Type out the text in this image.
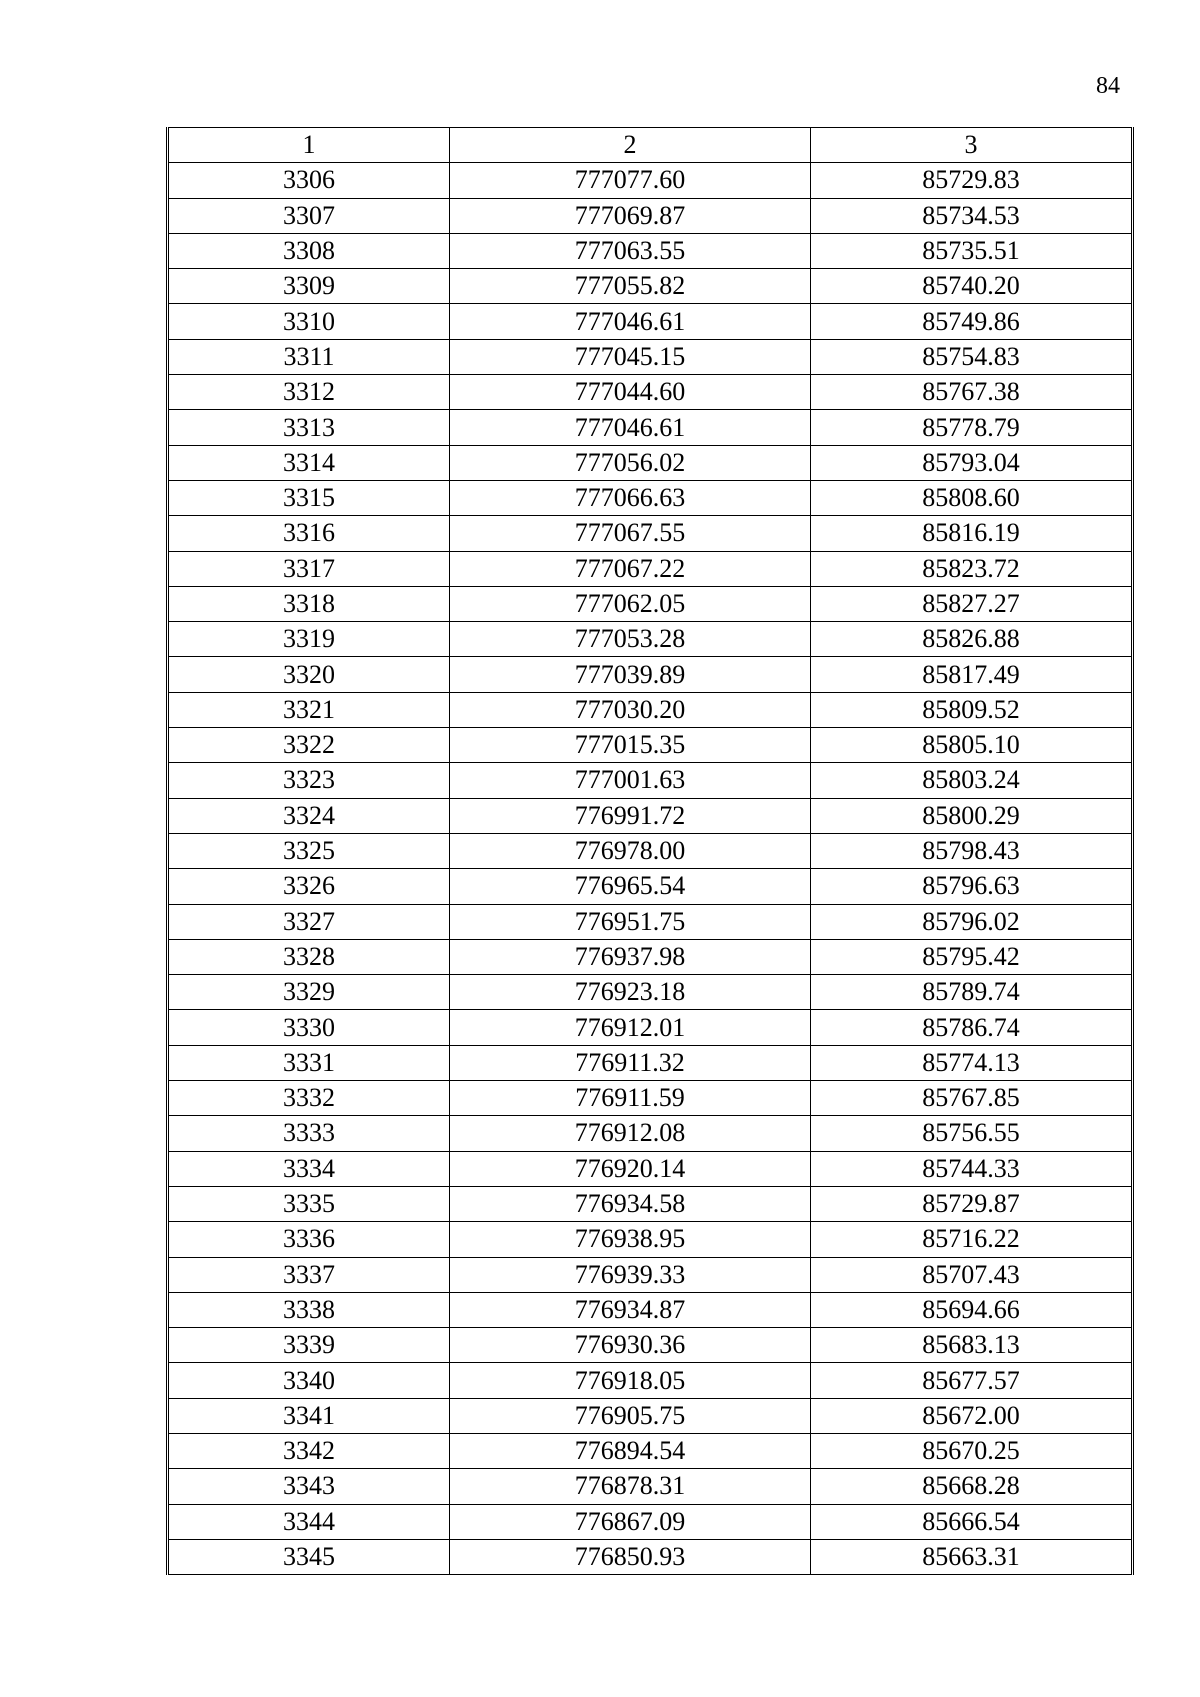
84
1	2	3
3306	777077.60	85729.83
3307	777069.87	85734.53
3308	777063.55	85735.51
3309	777055.82	85740.20
3310	777046.61	85749.86
3311	777045.15	85754.83
3312	777044.60	85767.38
3313	777046.61	85778.79
3314	777056.02	85793.04
3315	777066.63	85808.60
3316	777067.55	85816.19
3317	777067.22	85823.72
3318	777062.05	85827.27
3319	777053.28	85826.88
3320	777039.89	85817.49
3321	777030.20	85809.52
3322	777015.35	85805.10
3323	777001.63	85803.24
3324	776991.72	85800.29
3325	776978.00	85798.43
3326	776965.54	85796.63
3327	776951.75	85796.02
3328	776937.98	85795.42
3329	776923.18	85789.74
3330	776912.01	85786.74
3331	776911.32	85774.13
3332	776911.59	85767.85
3333	776912.08	85756.55
3334	776920.14	85744.33
3335	776934.58	85729.87
3336	776938.95	85716.22
3337	776939.33	85707.43
3338	776934.87	85694.66
3339	776930.36	85683.13
3340	776918.05	85677.57
3341	776905.75	85672.00
3342	776894.54	85670.25
3343	776878.31	85668.28
3344	776867.09	85666.54
3345	776850.93	85663.31
